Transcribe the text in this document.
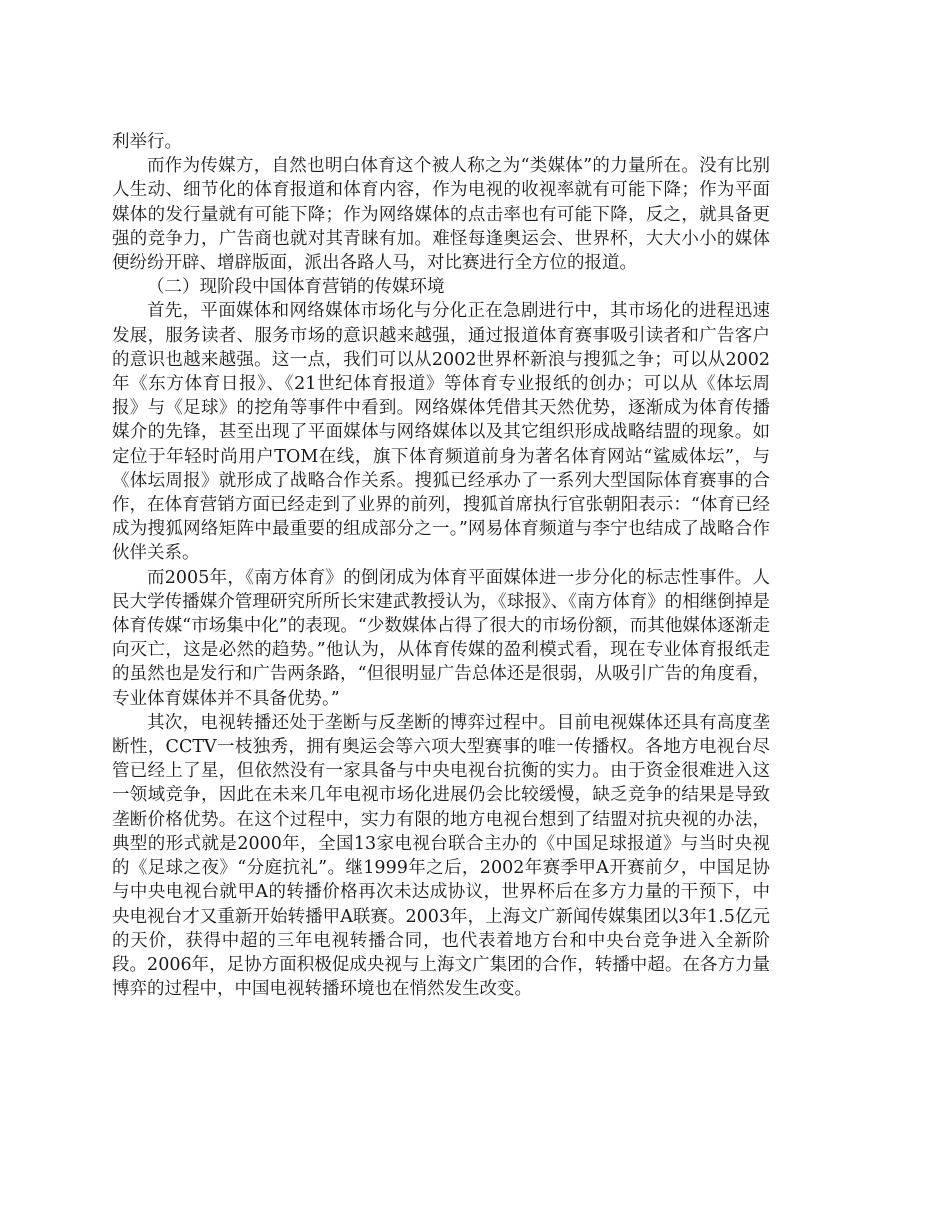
利举行。

而作为传媒方，自然也明白体育这个被人称之为“类媒体”的力量所在。没有比别人生动、细节化的体育报道和体育内容，作为电视的收视率就有可能下降；作为平面媒体的发行量就有可能下降；作为网络媒体的点击率也有可能下降，反之，就具备更强的竞争力，广告商也就对其青睐有加。难怪每逢奥运会、世界杯，大大小小的媒体便纷纷开辟、增辟版面，派出各路人马，对比赛进行全方位的报道。

（二）现阶段中国体育营销的传媒环境

首先，平面媒体和网络媒体市场化与分化正在急剧进行中，其市场化的进程迅速发展，服务读者、服务市场的意识越来越强，通过报道体育赛事吸引读者和广告客户的意识也越来越强。这一点，我们可以从2002世界杯新浪与搜狐之争；可以从2002年《东方体育日报》、《21世纪体育报道》等体育专业报纸的创办；可以从《体坛周报》与《足球》的挖角等事件中看到。网络媒体凭借其天然优势，逐渐成为体育传播媒介的先锋，甚至出现了平面媒体与网络媒体以及其它组织形成战略结盟的现象。如定位于年轻时尚用户TOM在线，旗下体育频道前身为著名体育网站“鲨威体坛”，与《体坛周报》就形成了战略合作关系。搜狐已经承办了一系列大型国际体育赛事的合作，在体育营销方面已经走到了业界的前列，搜狐首席执行官张朝阳表示：“体育已经成为搜狐网络矩阵中最重要的组成部分之一。”网易体育频道与李宁也结成了战略合作伙伴关系。

而2005年，《南方体育》的倒闭成为体育平面媒体进一步分化的标志性事件。人民大学传播媒介管理研究所所长宋建武教授认为，《球报》、《南方体育》的相继倒掉是体育传媒“市场集中化”的表现。“少数媒体占得了很大的市场份额，而其他媒体逐渐走向灭亡，这是必然的趋势。”他认为，从体育传媒的盈利模式看，现在专业体育报纸走的虽然也是发行和广告两条路，“但很明显广告总体还是很弱，从吸引广告的角度看，专业体育媒体并不具备优势。”

其次，电视转播还处于垄断与反垄断的博弈过程中。目前电视媒体还具有高度垄断性，CCTV一枝独秀，拥有奥运会等六项大型赛事的唯一传播权。各地方电视台尽管已经上了星，但依然没有一家具备与中央电视台抗衡的实力。由于资金很难进入这一领域竞争，因此在未来几年电视市场化进展仍会比较缓慢，缺乏竞争的结果是导致垄断价格优势。在这个过程中，实力有限的地方电视台想到了结盟对抗央视的办法，典型的形式就是2000年，全国13家电视台联合主办的《中国足球报道》与当时央视的《足球之夜》“分庭抗礼”。继1999年之后，2002年赛季甲A开赛前夕，中国足协与中央电视台就甲A的转播价格再次未达成协议，世界杯后在多方力量的干预下，中央电视台才又重新开始转播甲A联赛。2003年，上海文广新闻传媒集团以3年1.5亿元的天价，获得中超的三年电视转播合同，也代表着地方台和中央台竞争进入全新阶段。2006年，足协方面积极促成央视与上海文广集团的合作，转播中超。在各方力量博弈的过程中，中国电视转播环境也在悄然发生改变。
